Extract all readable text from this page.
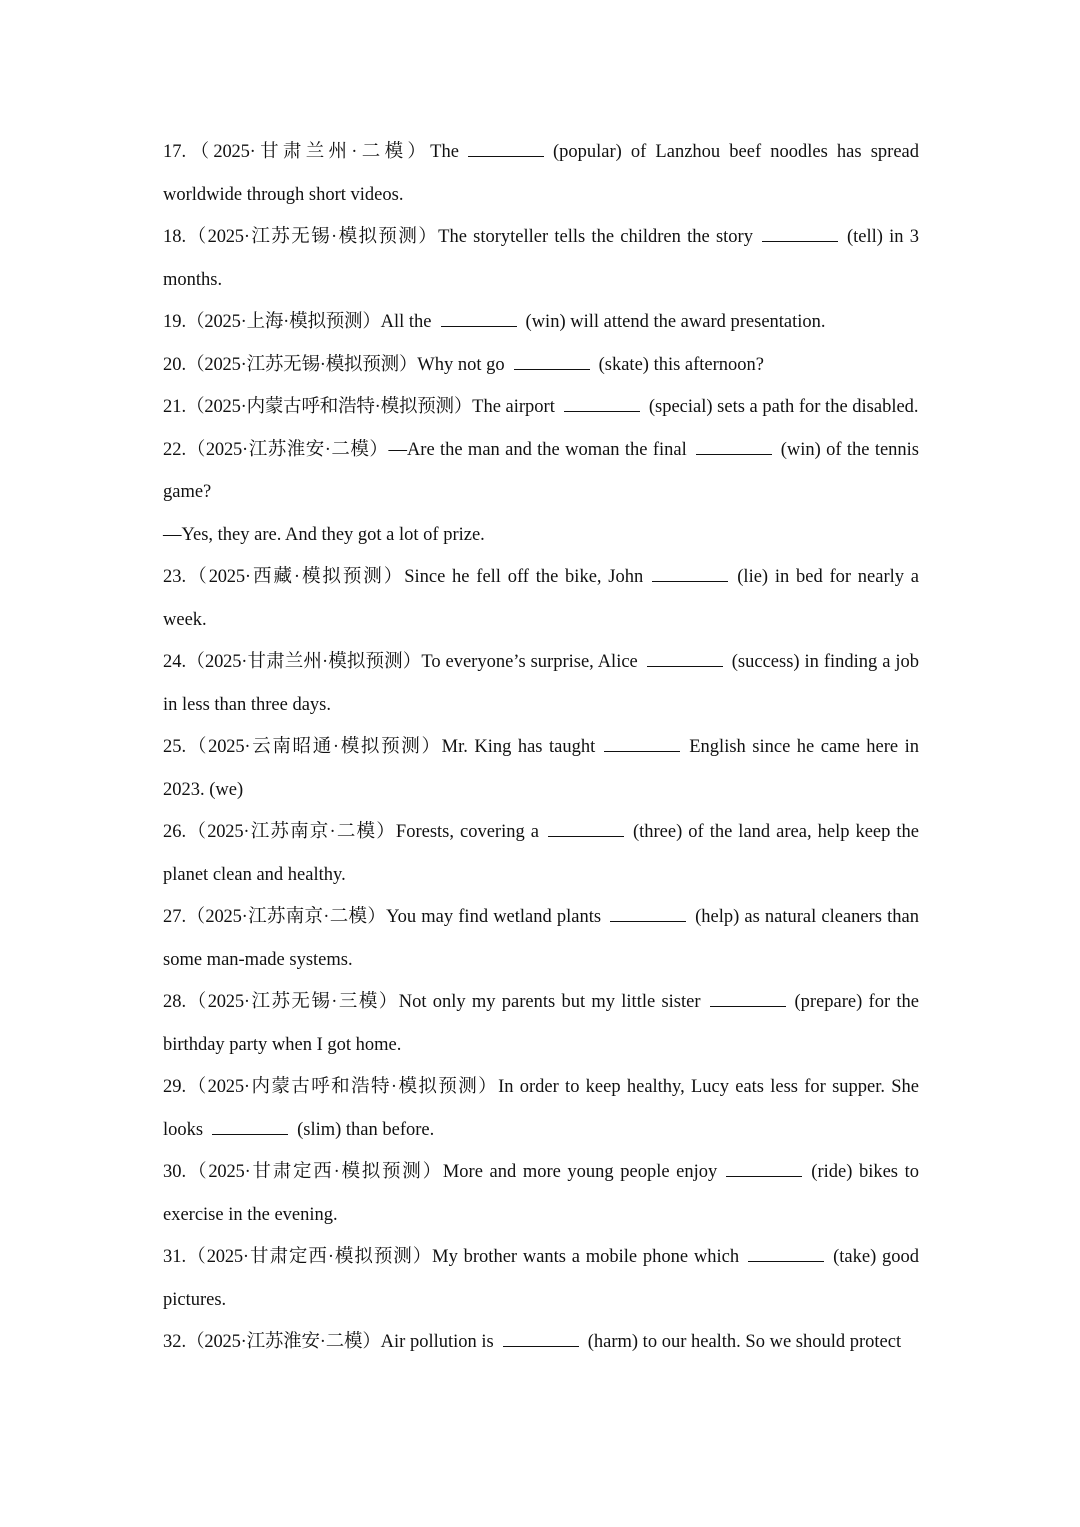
17.（2025·甘肃兰州·二模）The	(popular) of Lanzhou beef noodles has spread worldwide through short videos.

18.（2025·江苏无锡·模拟预测）The storyteller tells the children the story	(tell) in 3 months.

19.（2025·上海·模拟预测）All the	(win) will attend the award presentation.

20.（2025·江苏无锡·模拟预测）Why not go	(skate) this afternoon?

21.（2025·内蒙古呼和浩特·模拟预测）The airport	(special) sets a path for the disabled.

22.（2025·江苏淮安·二模）—Are the man and the woman the final	(win) of the tennis game?

—Yes, they are. And they got a lot of prize.

23.（2025·西藏·模拟预测）Since he fell off the bike, John	(lie) in bed for nearly a week.

24.（2025·甘肃兰州·模拟预测）To everyone’s surprise, Alice	(success) in finding a job in less than three days.

25.（2025·云南昭通·模拟预测）Mr. King has taught	English since he came here in 2023. (we)

26.（2025·江苏南京·二模）Forests, covering a	(three) of the land area, help keep the planet clean and healthy.

27.（2025·江苏南京·二模）You may find wetland plants	(help) as natural cleaners than some man-made systems.

28.（2025·江苏无锡·三模）Not only my parents but my little sister	(prepare) for the birthday party when I got home.

29.（2025·内蒙古呼和浩特·模拟预测）In order to keep healthy, Lucy eats less for supper. She looks	(slim) than before.

30.（2025·甘肃定西·模拟预测）More and more young people enjoy	(ride) bikes to exercise in the evening.

31.（2025·甘肃定西·模拟预测）My brother wants a mobile phone which	(take) good pictures.

32.（2025·江苏淮安·二模）Air pollution is	(harm) to our health. So we should protect
